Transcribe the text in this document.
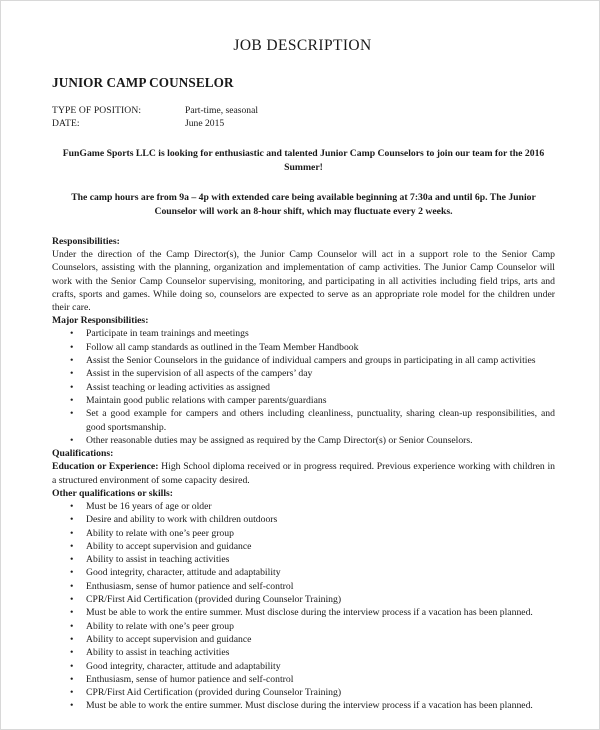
JOB DESCRIPTION
JUNIOR CAMP COUNSELOR
TYPE OF POSITION:	Part-time, seasonal
DATE:	June 2015

FunGame Sports LLC is looking for enthusiastic and talented Junior Camp Counselors to join our team for the 2016 Summer!

The camp hours are from 9a – 4p with extended care being available beginning at 7:30a and until 6p. The Junior Counselor will work an 8-hour shift, which may fluctuate every 2 weeks.

Responsibilities:

Under the direction of the Camp Director(s), the Junior Camp Counselor will act in a support role to the Senior Camp Counselors, assisting with the planning, organization and implementation of camp activities. The Junior Camp Counselor will work with the Senior Camp Counselor supervising, monitoring, and participating in all activities including field trips, arts and crafts, sports and games. While doing so, counselors are expected to serve as an appropriate role model for the children under their care.

Major Responsibilities:

• Participate in team trainings and meetings
• Follow all camp standards as outlined in the Team Member Handbook
• Assist the Senior Counselors in the guidance of individual campers and groups in participating in all camp activities
• Assist in the supervision of all aspects of the campers’ day
• Assist teaching or leading activities as assigned
• Maintain good public relations with camper parents/guardians
• Set a good example for campers and others including cleanliness, punctuality, sharing clean-up responsibilities, and good sportsmanship.
• Other reasonable duties may be assigned as required by the Camp Director(s) or Senior Counselors.

Qualifications:

Education or Experience: High School diploma received or in progress required. Previous experience working with children in a structured environment of some capacity desired.

Other qualifications or skills:

• Must be 16 years of age or older
• Desire and ability to work with children outdoors
• Ability to relate with one’s peer group
• Ability to accept supervision and guidance
• Ability to assist in teaching activities
• Good integrity, character, attitude and adaptability
• Enthusiasm, sense of humor patience and self-control
• CPR/First Aid Certification (provided during Counselor Training)
• Must be able to work the entire summer. Must disclose during the interview process if a vacation has been planned.
• Ability to relate with one’s peer group
• Ability to accept supervision and guidance
• Ability to assist in teaching activities
• Good integrity, character, attitude and adaptability
• Enthusiasm, sense of humor patience and self-control
• CPR/First Aid Certification (provided during Counselor Training)
• Must be able to work the entire summer. Must disclose during the interview process if a vacation has been planned.
